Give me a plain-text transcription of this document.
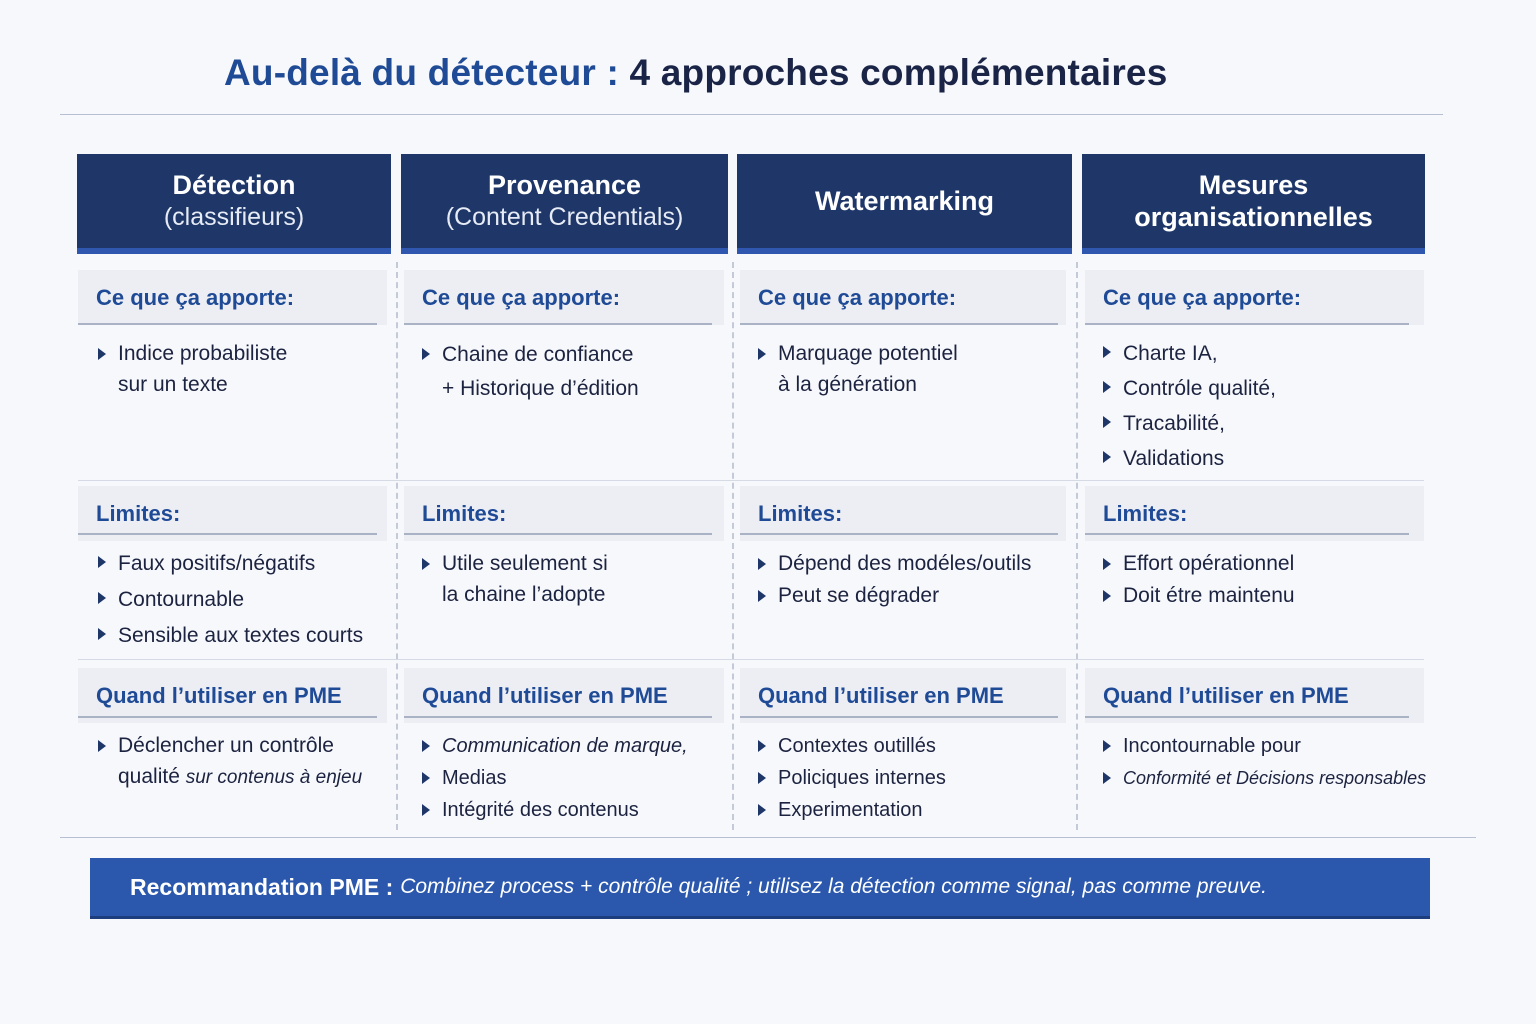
Au-delà du détecteur : 4 approches complémentaires
Détection
(classifieurs)
Provenance
(Content Credentials)
Watermarking
Mesures
organisationnelles
Ce que ça apporte:
Indice probabiliste
sur un texte
Limites:
Faux positifs/négatifs
Contournable
Sensible aux textes courts
Quand l’utiliser en PME
Déclencher un contrôle
qualité sur contenus à enjeu
Ce que ça apporte:
Chaine de confiance
+ Historique d’édition
Limites:
Utile seulement si
la chaine l’adopte
Quand l’utiliser en PME
Communication de marque,
Medias
Intégrité des contenus
Ce que ça apporte:
Marquage potentiel
à la génération
Limites:
Dépend des modéles/outils
Peut se dégrader
Quand l’utiliser en PME
Contextes outillés
Policiques internes
Experimentation
Ce que ça apporte:
Charte IA,
Contróle qualité,
Tracabilité,
Validations
Limites:
Effort opérationnel
Doit étre maintenu
Quand l’utiliser en PME
Incontournable pour
Conformité et Décisions responsables
Recommandation PME : Combinez process + contrôle qualité ; utilisez la détection comme signal, pas comme preuve.
